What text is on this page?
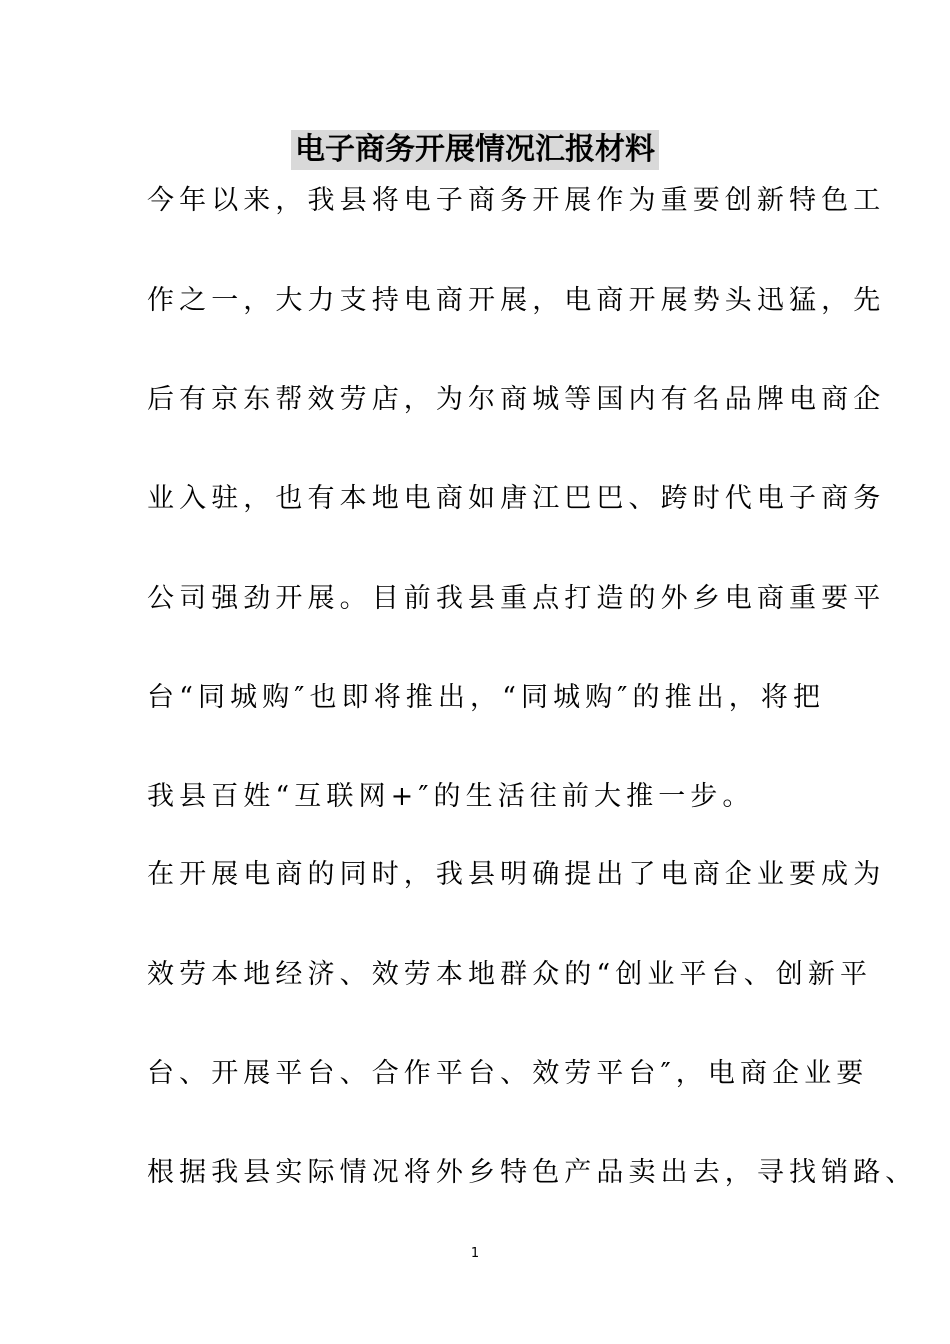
电子商务开展情况汇报材料
今年以来，我县将电子商务开展作为重要创新特色工
作之一，大力支持电商开展，电商开展势头迅猛，先
后有京东帮效劳店，为尔商城等国内有名品牌电商企
业入驻，也有本地电商如唐江巴巴、跨时代电子商务
公司强劲开展。目前我县重点打造的外乡电商重要平
台“同城购″也即将推出，“同城购″的推出，将把
我县百姓“互联网+″的生活往前大推一步。
在开展电商的同时，我县明确提出了电商企业要成为
效劳本地经济、效劳本地群众的“创业平台、创新平
台、开展平台、合作平台、效劳平台″，电商企业要
根据我县实际情况将外乡特色产品卖出去，寻找销路、
1
